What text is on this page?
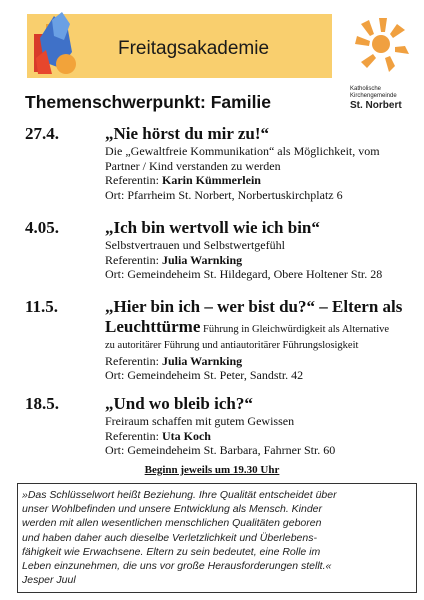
Freitagsakademie
Katholische
Kirchengemeinde
St. Norbert
Themenschwerpunkt: Familie
27.4.	„Nie hörst du mir zu!“
Die „Gewaltfreie Kommunikation“ als Möglichkeit, vom
Partner / Kind verstanden zu werden
Referentin: Karin Kümmerlein
Ort: Pfarrheim St. Norbert, Norbertuskirchplatz 6
4.05.	„Ich bin wertvoll wie ich bin“
Selbstvertrauen und Selbstwertgefühl
Referentin: Julia Warnking
Ort: Gemeindeheim St. Hildegard, Obere Holtener Str. 28
11.5.	„Hier bin ich – wer bist du?“ – Eltern als
Leuchttürme Führung in Gleichwürdigkeit als Alternative
zu autoritärer Führung und antiautoritärer Führungslosigkeit
Referentin: Julia Warnking
Ort: Gemeindeheim St. Peter, Sandstr. 42
18.5.	„Und wo bleib ich?“
Freiraum schaffen mit gutem Gewissen
Referentin: Uta Koch
Ort: Gemeindeheim St. Barbara, Fahrner Str. 60
Beginn jeweils um 19.30 Uhr
»Das Schlüsselwort heißt Beziehung. Ihre Qualität entscheidet über
unser Wohlbefinden und unsere Entwicklung als Mensch. Kinder
werden mit allen wesentlichen menschlichen Qualitäten geboren
und haben daher auch dieselbe Verletzlichkeit und Überlebens-
fähigkeit wie Erwachsene. Eltern zu sein bedeutet, eine Rolle im
Leben einzunehmen, die uns vor große Herausforderungen stellt.«
Jesper Juul
